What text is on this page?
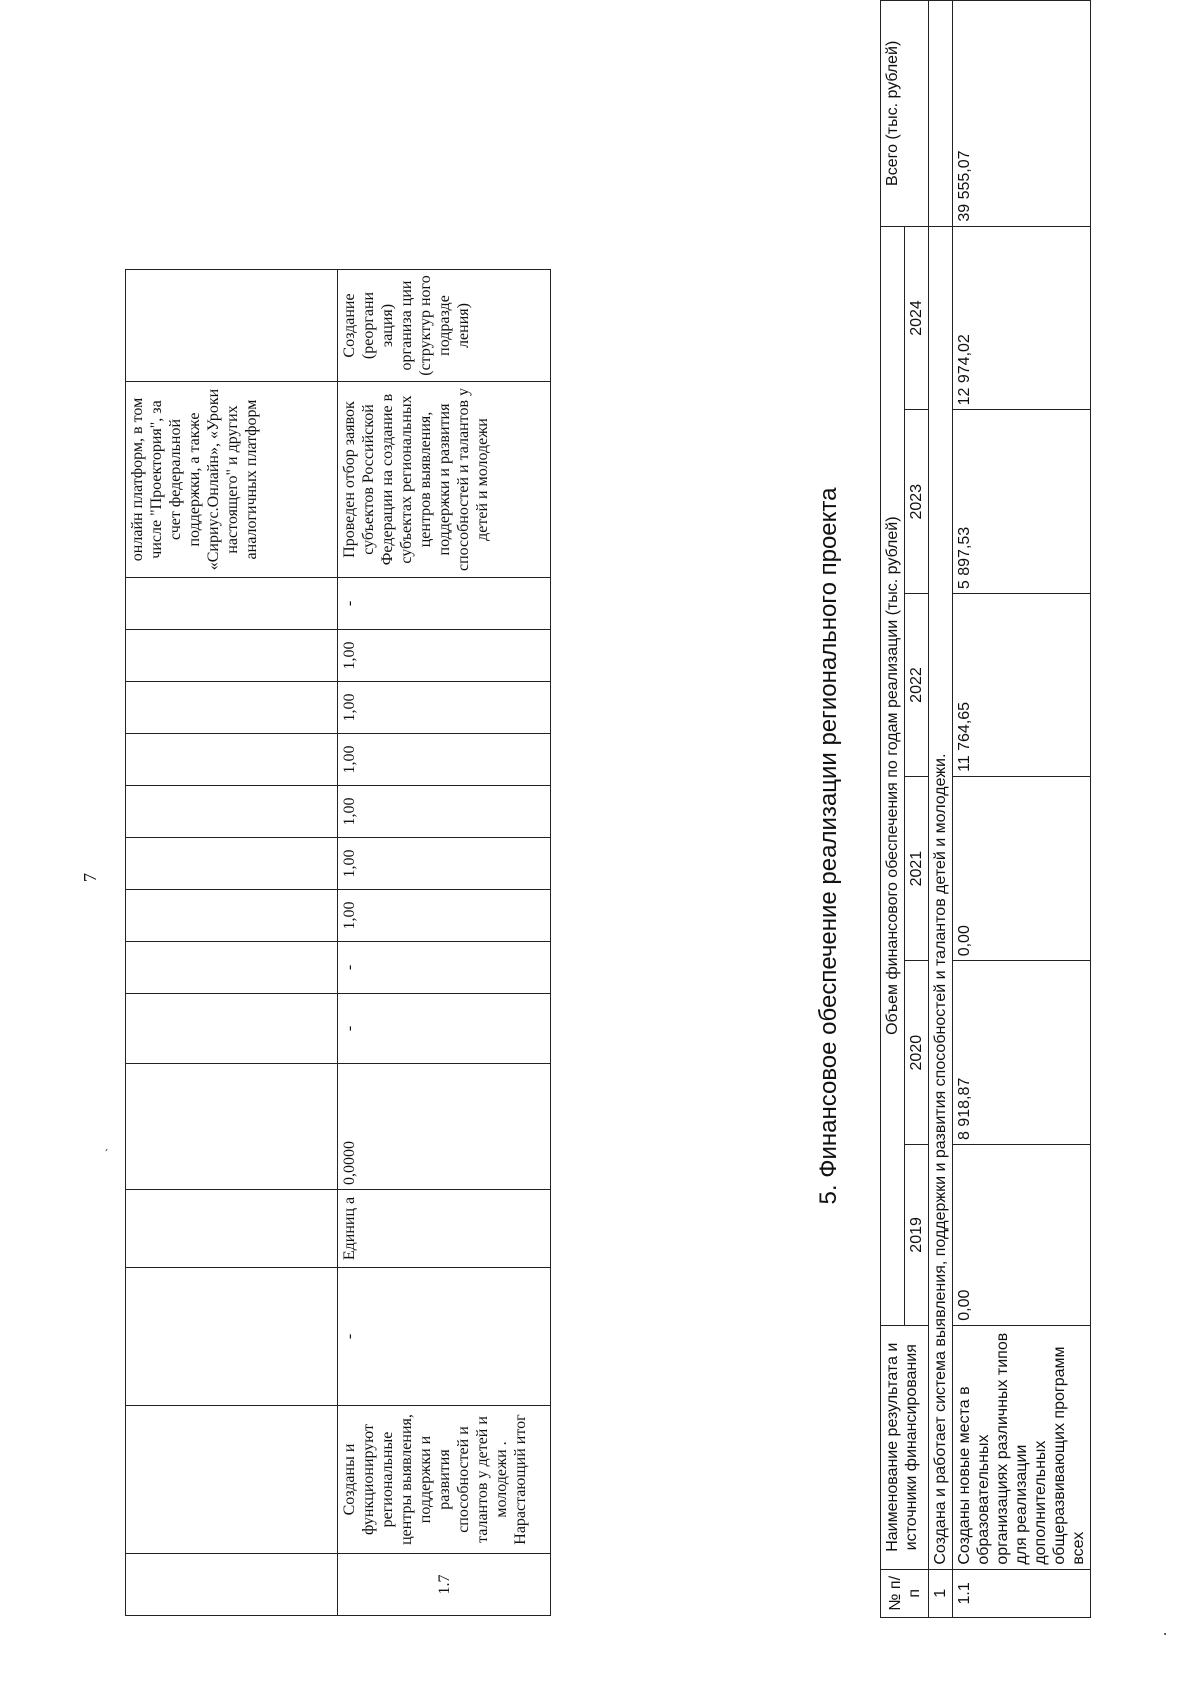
7
`
														онлайн платформ, в том числе "Проектория", за счет федеральной поддержки, а также «Сириус.Онлайн», «Уроки настоящего" и других аналогичных платформ	
1.7	Созданы и функционируют региональные центры выявления, поддержки и развития способностей и талантов у детей и молодежи . Нарастающий итог	-	Единиц а	0,0000	-	-	1,00	1,00	1,00	1,00	1,00	1,00	-	Проведен отбор заявок субъектов Российской Федерации на создание в субъектах региональных центров выявления, поддержки и развития способностей и талантов у детей и молодежи	Создание (реоргани зация) организа ции (структур ного подразде ления)
5. Финансовое обеспечение реализации регионального проекта
№ п/п	Наименование результата и источники финансирования	Объем финансового обеспечения по годам реализации (тыс. рублей)						Всего (тыс. рублей)
		2019	2020	2021	2022	2023	2024	
1	Создана и работает система выявления, поддержки и развития способностей и талантов детей и молодежи.							
1.1	Созданы новые места в образовательных организациях различных типов для реализации дополнительных общеразвивающих программ всех	0,00	8 918,87	0,00	11 764,65	5 897,53	12 974,02	39 555,07
.
